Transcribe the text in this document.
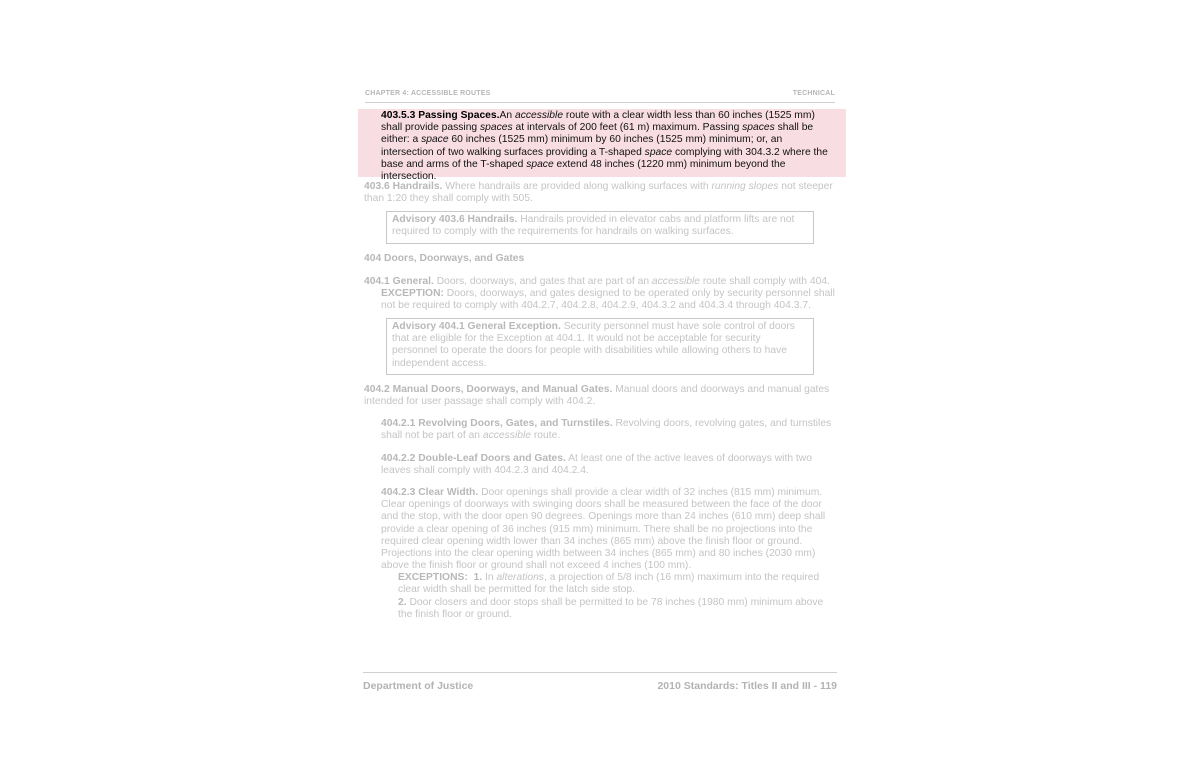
CHAPTER 4: ACCESSIBLE ROUTES	TECHNICAL
403.5.3 Passing Spaces.An accessible route with a clear width less than 60 inches (1525 mm) shall provide passing spaces at intervals of 200 feet (61 m) maximum. Passing spaces shall be either: a space 60 inches (1525 mm) minimum by 60 inches (1525 mm) minimum; or, an intersection of two walking surfaces providing a T-shaped space complying with 304.3.2 where the base and arms of the T-shaped space extend 48 inches (1220 mm) minimum beyond the intersection.
403.6 Handrails. Where handrails are provided along walking surfaces with running slopes not steeper than 1:20 they shall comply with 505.
Advisory 403.6 Handrails. Handrails provided in elevator cabs and platform lifts are not required to comply with the requirements for handrails on walking surfaces.
404 Doors, Doorways, and Gates
404.1 General. Doors, doorways, and gates that are part of an accessible route shall comply with 404.
EXCEPTION: Doors, doorways, and gates designed to be operated only by security personnel shall not be required to comply with 404.2.7, 404.2.8, 404.2.9, 404.3.2 and 404.3.4 through 404.3.7.
Advisory 404.1 General Exception. Security personnel must have sole control of doors that are eligible for the Exception at 404.1. It would not be acceptable for security personnel to operate the doors for people with disabilities while allowing others to have independent access.
404.2 Manual Doors, Doorways, and Manual Gates. Manual doors and doorways and manual gates intended for user passage shall comply with 404.2.
404.2.1 Revolving Doors, Gates, and Turnstiles. Revolving doors, revolving gates, and turnstiles shall not be part of an accessible route.
404.2.2 Double-Leaf Doors and Gates. At least one of the active leaves of doorways with two leaves shall comply with 404.2.3 and 404.2.4.
404.2.3 Clear Width. Door openings shall provide a clear width of 32 inches (815 mm) minimum. Clear openings of doorways with swinging doors shall be measured between the face of the door and the stop, with the door open 90 degrees. Openings more than 24 inches (610 mm) deep shall provide a clear opening of 36 inches (915 mm) minimum. There shall be no projections into the required clear opening width lower than 34 inches (865 mm) above the finish floor or ground. Projections into the clear opening width between 34 inches (865 mm) and 80 inches (2030 mm) above the finish floor or ground shall not exceed 4 inches (100 mm).
EXCEPTIONS: 1. In alterations, a projection of 5/8 inch (16 mm) maximum into the required clear width shall be permitted for the latch side stop.
2. Door closers and door stops shall be permitted to be 78 inches (1980 mm) minimum above the finish floor or ground.
Department of Justice	2010 Standards: Titles II and III - 119
